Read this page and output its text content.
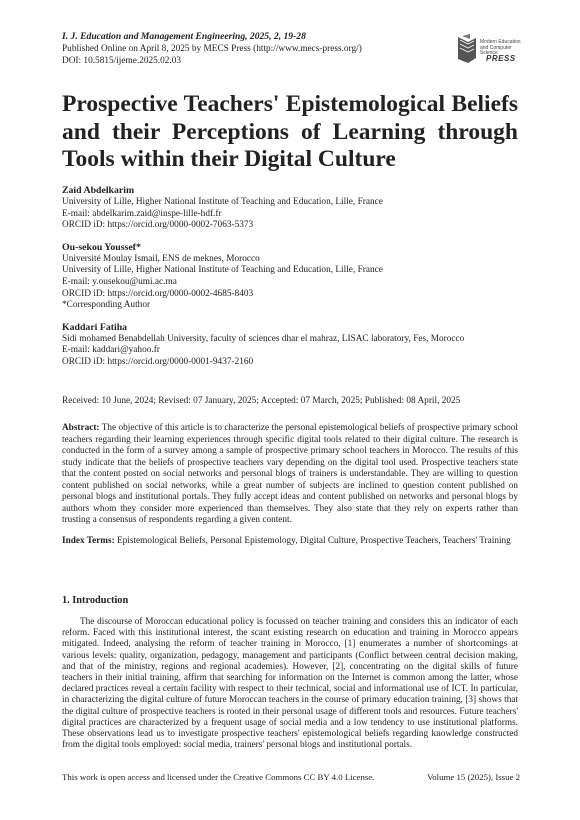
I. J. Education and Management Engineering, 2025, 2, 19-28
Published Online on April 8, 2025 by MECS Press (http://www.mecs-press.org/)
DOI: 10.5815/ijeme.2025.02.03
Modern Education
and Computer Science
PRESS
Prospective Teachers' Epistemological Beliefs and their Perceptions of Learning through Tools within their Digital Culture
Zaid Abdelkarim
University of Lille, Higher National Institute of Teaching and Education, Lille, France
E-mail: abdelkarim.zaid@inspe-lille-hdf.fr
ORCID iD: https://orcid.org/0000-0002-7063-5373
Ou-sekou Youssef*
Université Moulay Ismail, ENS de meknes, Morocco
University of Lille, Higher National Institute of Teaching and Education, Lille, France
E-mail: y.ousekou@umi.ac.ma
ORCID iD: https://orcid.org/0000-0002-4685-8403
*Corresponding Author
Kaddari Fatiha
Sidi mohamed Benabdellah University, faculty of sciences dhar el mahraz, LISAC laboratory, Fes, Morocco
E-mail: kaddari@yahoo.fr
ORCID iD: https://orcid.org/0000-0001-9437-2160
Received: 10 June, 2024; Revised: 07 January, 2025; Accepted: 07 March, 2025; Published: 08 April, 2025

Abstract: The objective of this article is to characterize the personal epistemological beliefs of prospective primary school teachers regarding their learning experiences through specific digital tools related to their digital culture. The research is conducted in the form of a survey among a sample of prospective primary school teachers in Morocco. The results of this study indicate that the beliefs of prospective teachers vary depending on the digital tool used. Prospective teachers state that the content posted on social networks and personal blogs of trainers is understandable. They are willing to question content published on social networks, while a great number of subjects are inclined to question content published on personal blogs and institutional portals. They fully accept ideas and content published on networks and personal blogs by authors whom they consider more experienced than themselves. They also state that they rely on experts rather than trusting a consensus of respondents regarding a given content.

Index Terms: Epistemological Beliefs, Personal Epistemology, Digital Culture, Prospective Teachers, Teachers' Training

1. Introduction

The discourse of Moroccan educational policy is focussed on teacher training and considers this an indicator of each reform. Faced with this institutional interest, the scant existing research on education and training in Morocco appears mitigated. Indeed, analysing the reform of teacher training in Morocco, [1] enumerates a number of shortcomings at various levels: quality, organization, pedagogy, management and participants (Conflict between central decision making, and that of the ministry, regions and regional academies). However, [2], concentrating on the digital skills of future teachers in their initial training, affirm that searching for information on the Internet is common among the latter, whose declared practices reveal a certain facility with respect to their technical, social and informational use of ICT. In particular, in characterizing the digital culture of future Moroccan teachers in the course of primary education training, [3] shows that the digital culture of prospective teachers is rooted in their personal usage of different tools and resources. Future teachers' digital practices are characterized by a frequent usage of social media and a low tendency to use institutional platforms. These observations lead us to investigate prospective teachers' epistemological beliefs regarding knowledge constructed from the digital tools employed: social media, trainers' personal blogs and institutional portals.

This work is open access and licensed under the Creative Commons CC BY 4.0 License.	Volume 15 (2025), Issue 2
